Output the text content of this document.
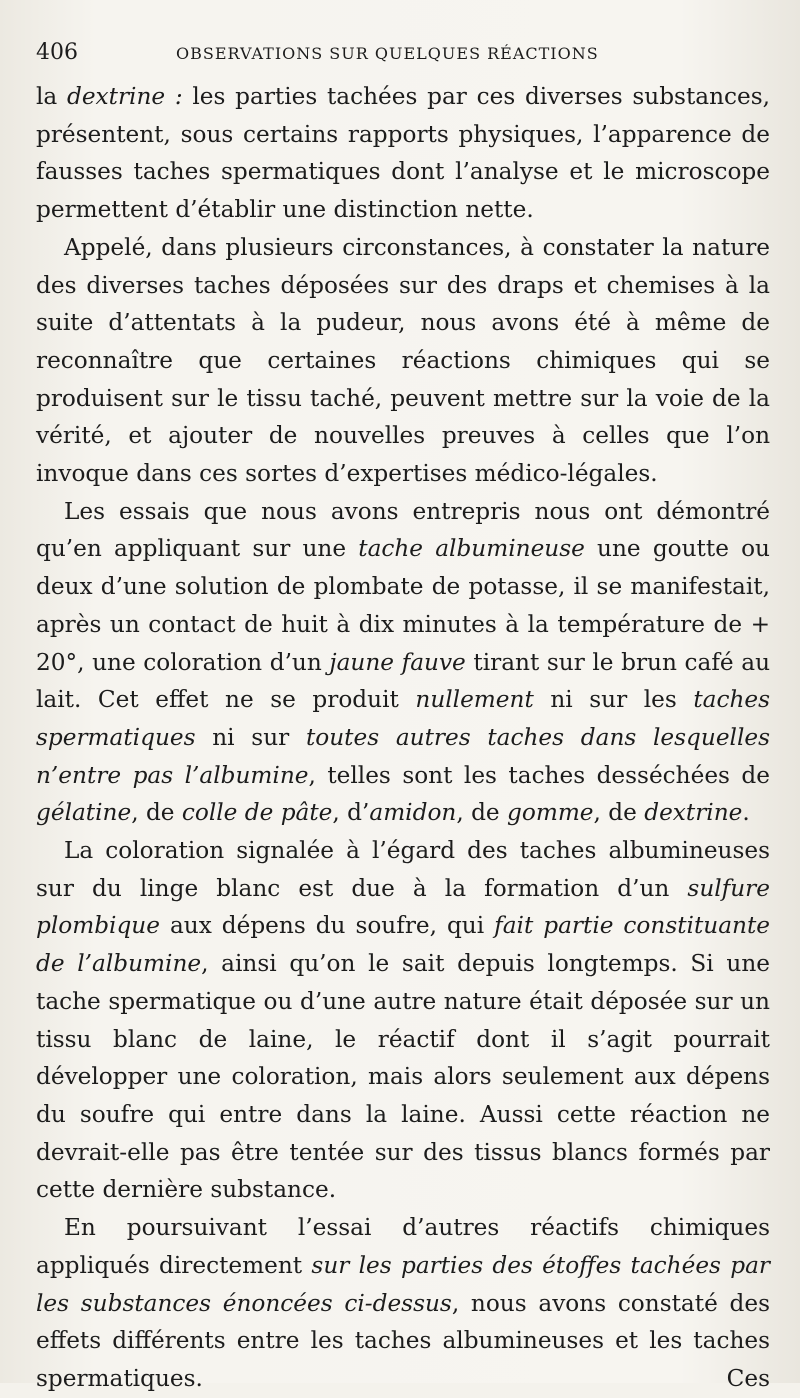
406	OBSERVATIONS SUR QUELQUES RÉACTIONS

la dextrine : les parties tachées par ces diverses substances, présentent, sous certains rapports physiques, l’apparence de fausses taches spermatiques dont l’analyse et le microscope permettent d’établir une distinction nette.

Appelé, dans plusieurs circonstances, à constater la nature des diverses taches déposées sur des draps et chemises à la suite d’attentats à la pudeur, nous avons été à même de reconnaître que certaines réactions chimiques qui se produisent sur le tissu taché, peuvent mettre sur la voie de la vérité, et ajouter de nouvelles preuves à celles que l’on invoque dans ces sortes d’expertises médico-légales.

Les essais que nous avons entrepris nous ont démontré qu’en appliquant sur une tache albumineuse une goutte ou deux d’une solution de plombate de potasse, il se manifestait, après un contact de huit à dix minutes à la température de + 20°, une coloration d’un jaune fauve tirant sur le brun café au lait. Cet effet ne se produit nullement ni sur les taches spermatiques ni sur toutes autres taches dans lesquelles n’entre pas l’albumine, telles sont les taches desséchées de gélatine, de colle de pâte, d’amidon, de gomme, de dextrine.

La coloration signalée à l’égard des taches albumineuses sur du linge blanc est due à la formation d’un sulfure plombique aux dépens du soufre, qui fait partie constituante de l’albumine, ainsi qu’on le sait depuis longtemps. Si une tache spermatique ou d’une autre nature était déposée sur un tissu blanc de laine, le réactif dont il s’agit pourrait développer une coloration, mais alors seulement aux dépens du soufre qui entre dans la laine. Aussi cette réaction ne devrait-elle pas être tentée sur des tissus blancs formés par cette dernière substance.

En poursuivant l’essai d’autres réactifs chimiques appliqués directement sur les parties des étoffes tachées par les substances énoncées ci-dessus, nous avons constaté des effets différents entre les taches albumineuses et les taches spermatiques. Ces
